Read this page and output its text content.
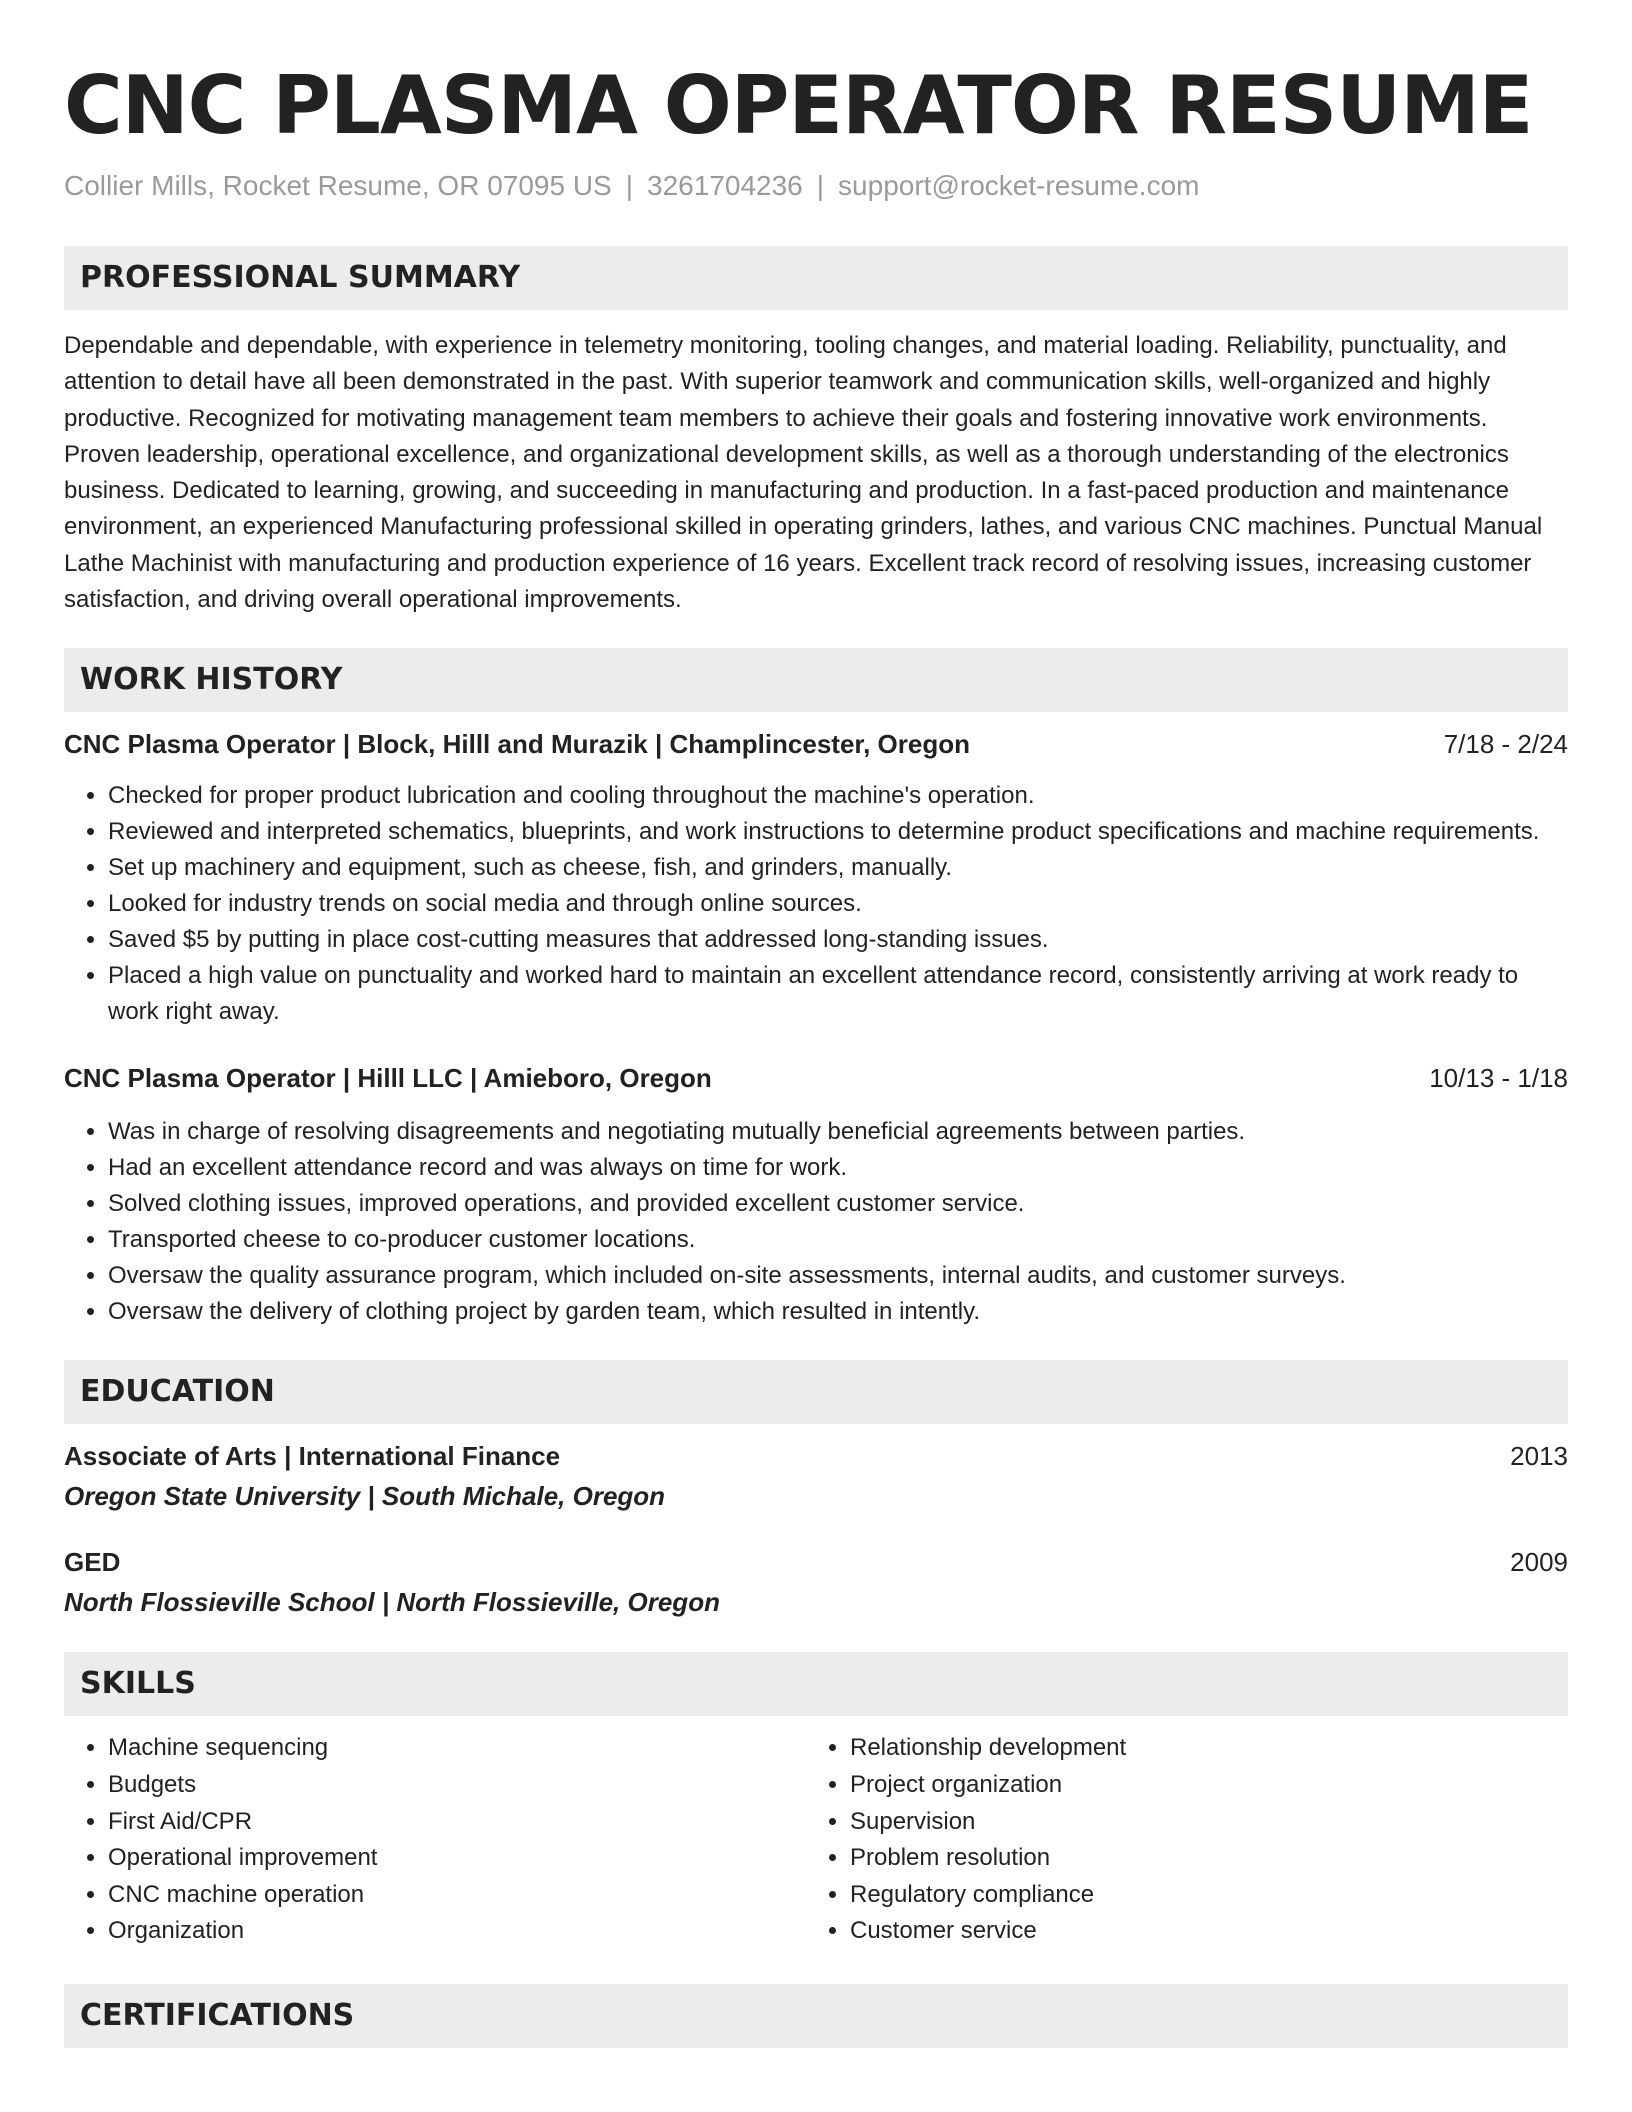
CNC PLASMA OPERATOR RESUME
Collier Mills, Rocket Resume, OR 07095 US | 3261704236 | support@rocket-resume.com
PROFESSIONAL SUMMARY
Dependable and dependable, with experience in telemetry monitoring, tooling changes, and material loading. Reliability, punctuality, and attention to detail have all been demonstrated in the past. With superior teamwork and communication skills, well-organized and highly productive. Recognized for motivating management team members to achieve their goals and fostering innovative work environments. Proven leadership, operational excellence, and organizational development skills, as well as a thorough understanding of the electronics business. Dedicated to learning, growing, and succeeding in manufacturing and production. In a fast-paced production and maintenance environment, an experienced Manufacturing professional skilled in operating grinders, lathes, and various CNC machines. Punctual Manual Lathe Machinist with manufacturing and production experience of 16 years. Excellent track record of resolving issues, increasing customer satisfaction, and driving overall operational improvements.
WORK HISTORY
CNC Plasma Operator | Block, Hilll and Murazik | Champlincester, Oregon	7/18 - 2/24
• Checked for proper product lubrication and cooling throughout the machine's operation.
• Reviewed and interpreted schematics, blueprints, and work instructions to determine product specifications and machine requirements.
• Set up machinery and equipment, such as cheese, fish, and grinders, manually.
• Looked for industry trends on social media and through online sources.
• Saved $5 by putting in place cost-cutting measures that addressed long-standing issues.
• Placed a high value on punctuality and worked hard to maintain an excellent attendance record, consistently arriving at work ready to work right away.
CNC Plasma Operator | Hilll LLC | Amieboro, Oregon	10/13 - 1/18
• Was in charge of resolving disagreements and negotiating mutually beneficial agreements between parties.
• Had an excellent attendance record and was always on time for work.
• Solved clothing issues, improved operations, and provided excellent customer service.
• Transported cheese to co-producer customer locations.
• Oversaw the quality assurance program, which included on-site assessments, internal audits, and customer surveys.
• Oversaw the delivery of clothing project by garden team, which resulted in intently.
EDUCATION
Associate of Arts | International Finance	2013
Oregon State University | South Michale, Oregon
GED	2009
North Flossieville School | North Flossieville, Oregon
SKILLS
• Machine sequencing
• Budgets
• First Aid/CPR
• Operational improvement
• CNC machine operation
• Organization
• Relationship development
• Project organization
• Supervision
• Problem resolution
• Regulatory compliance
• Customer service
CERTIFICATIONS
